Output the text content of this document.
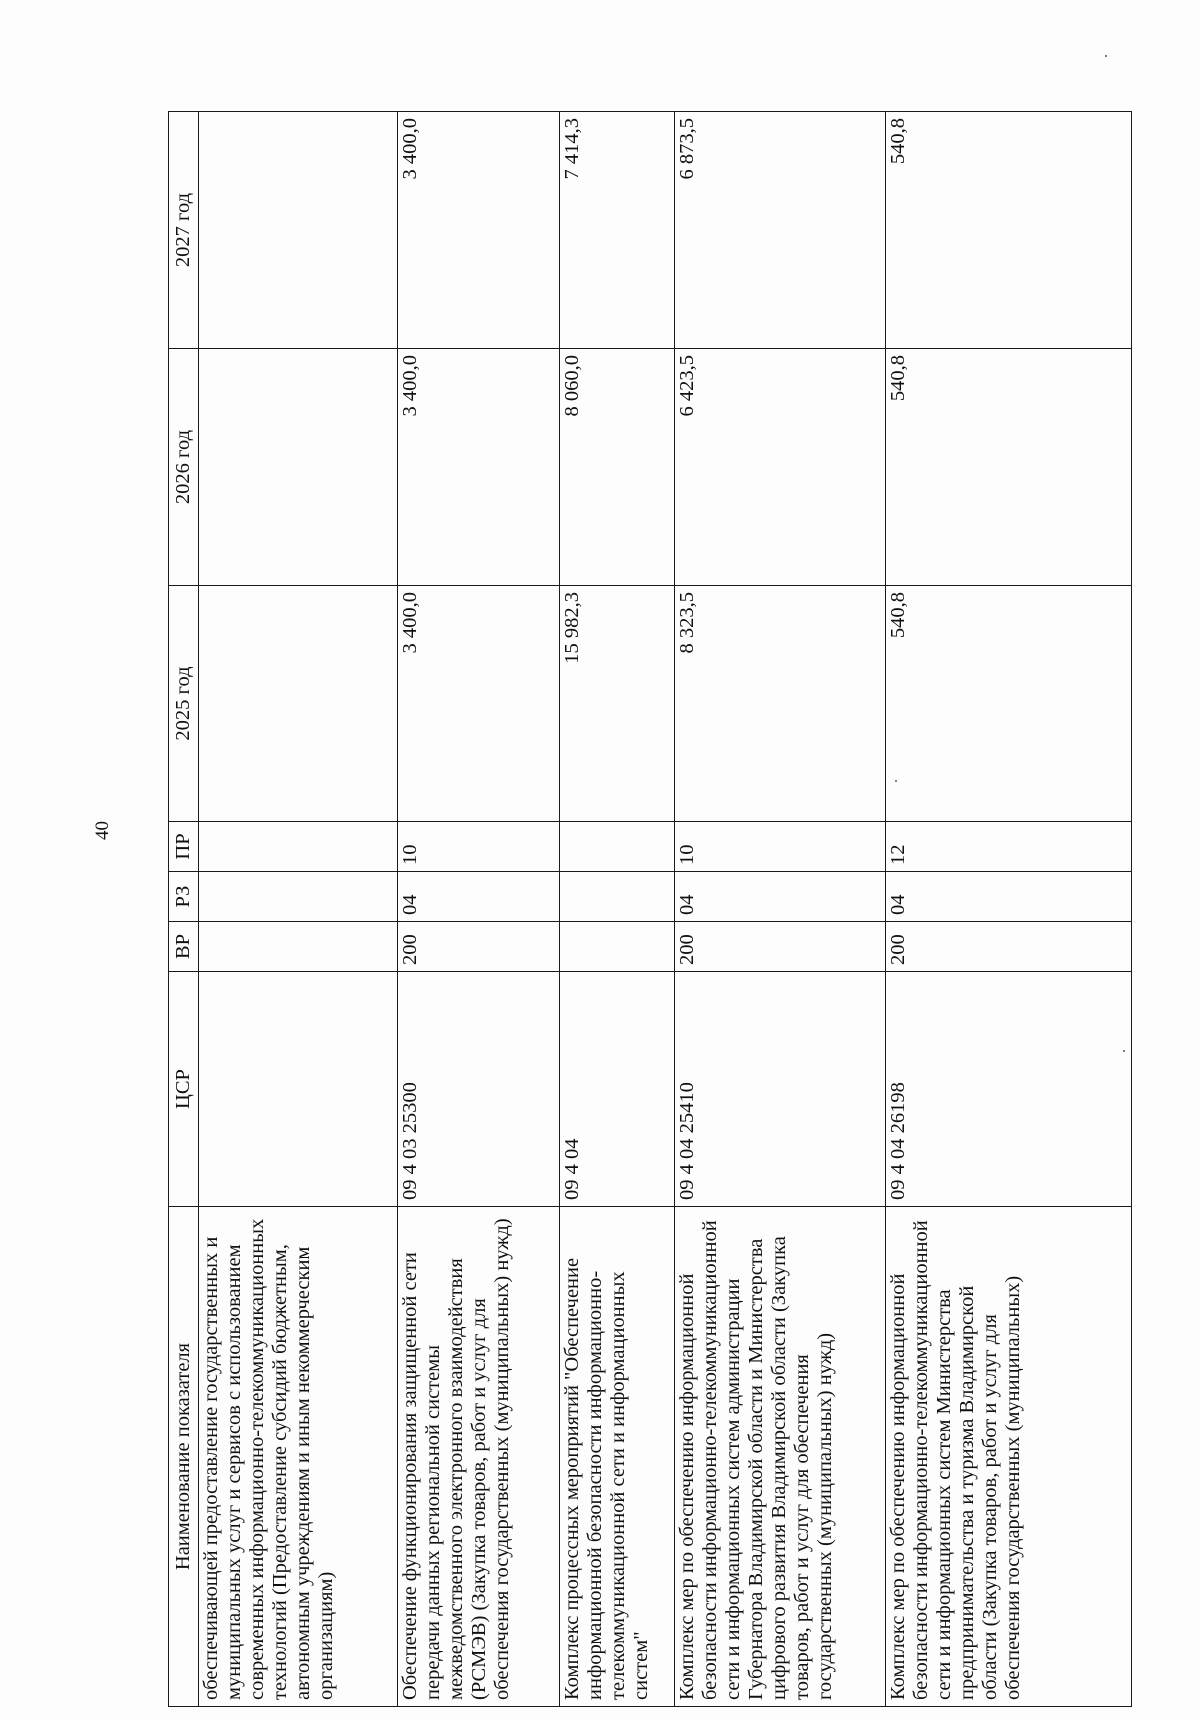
40
Наименование показателя	ЦСР	ВР	РЗ	ПР	2025 год	2026 год	2027 год
обеспечивающей предоставление государственных и муниципальных услуг и сервисов с использованием современных информационно-телекоммуникационных технологий (Предоставление субсидий бюджетным, автономным учреждениям и иным некоммерческим организациям)							
Обеспечение функционирования защищенной сети передачи данных региональной системы межведомственного электронного взаимодействия (РСМЭВ) (Закупка товаров, работ и услуг для обеспечения государственных (муниципальных) нужд)	09 4 03 25300	200	04	10	3 400,0	3 400,0	3 400,0
Комплекс процессных мероприятий "Обеспечение информационной безопасности информационно-телекоммуникационной сети и информационных систем"	09 4 04				15 982,3	8 060,0	7 414,3
Комплекс мер по обеспечению информационной безопасности информационно-телекоммуникационной сети и информационных систем администрации Губернатора Владимирской области и Министерства цифрового развития Владимирской области (Закупка товаров, работ и услуг для обеспечения государственных (муниципальных) нужд)	09 4 04 25410	200	04	10	8 323,5	6 423,5	6 873,5
Комплекс мер по обеспечению информационной безопасности информационно-телекоммуникационной сети и информационных систем Министерства предпринимательства и туризма Владимирской области (Закупка товаров, работ и услуг для обеспечения государственных (муниципальных)	09 4 04 26198	200	04	12	540,8	540,8	540,8
